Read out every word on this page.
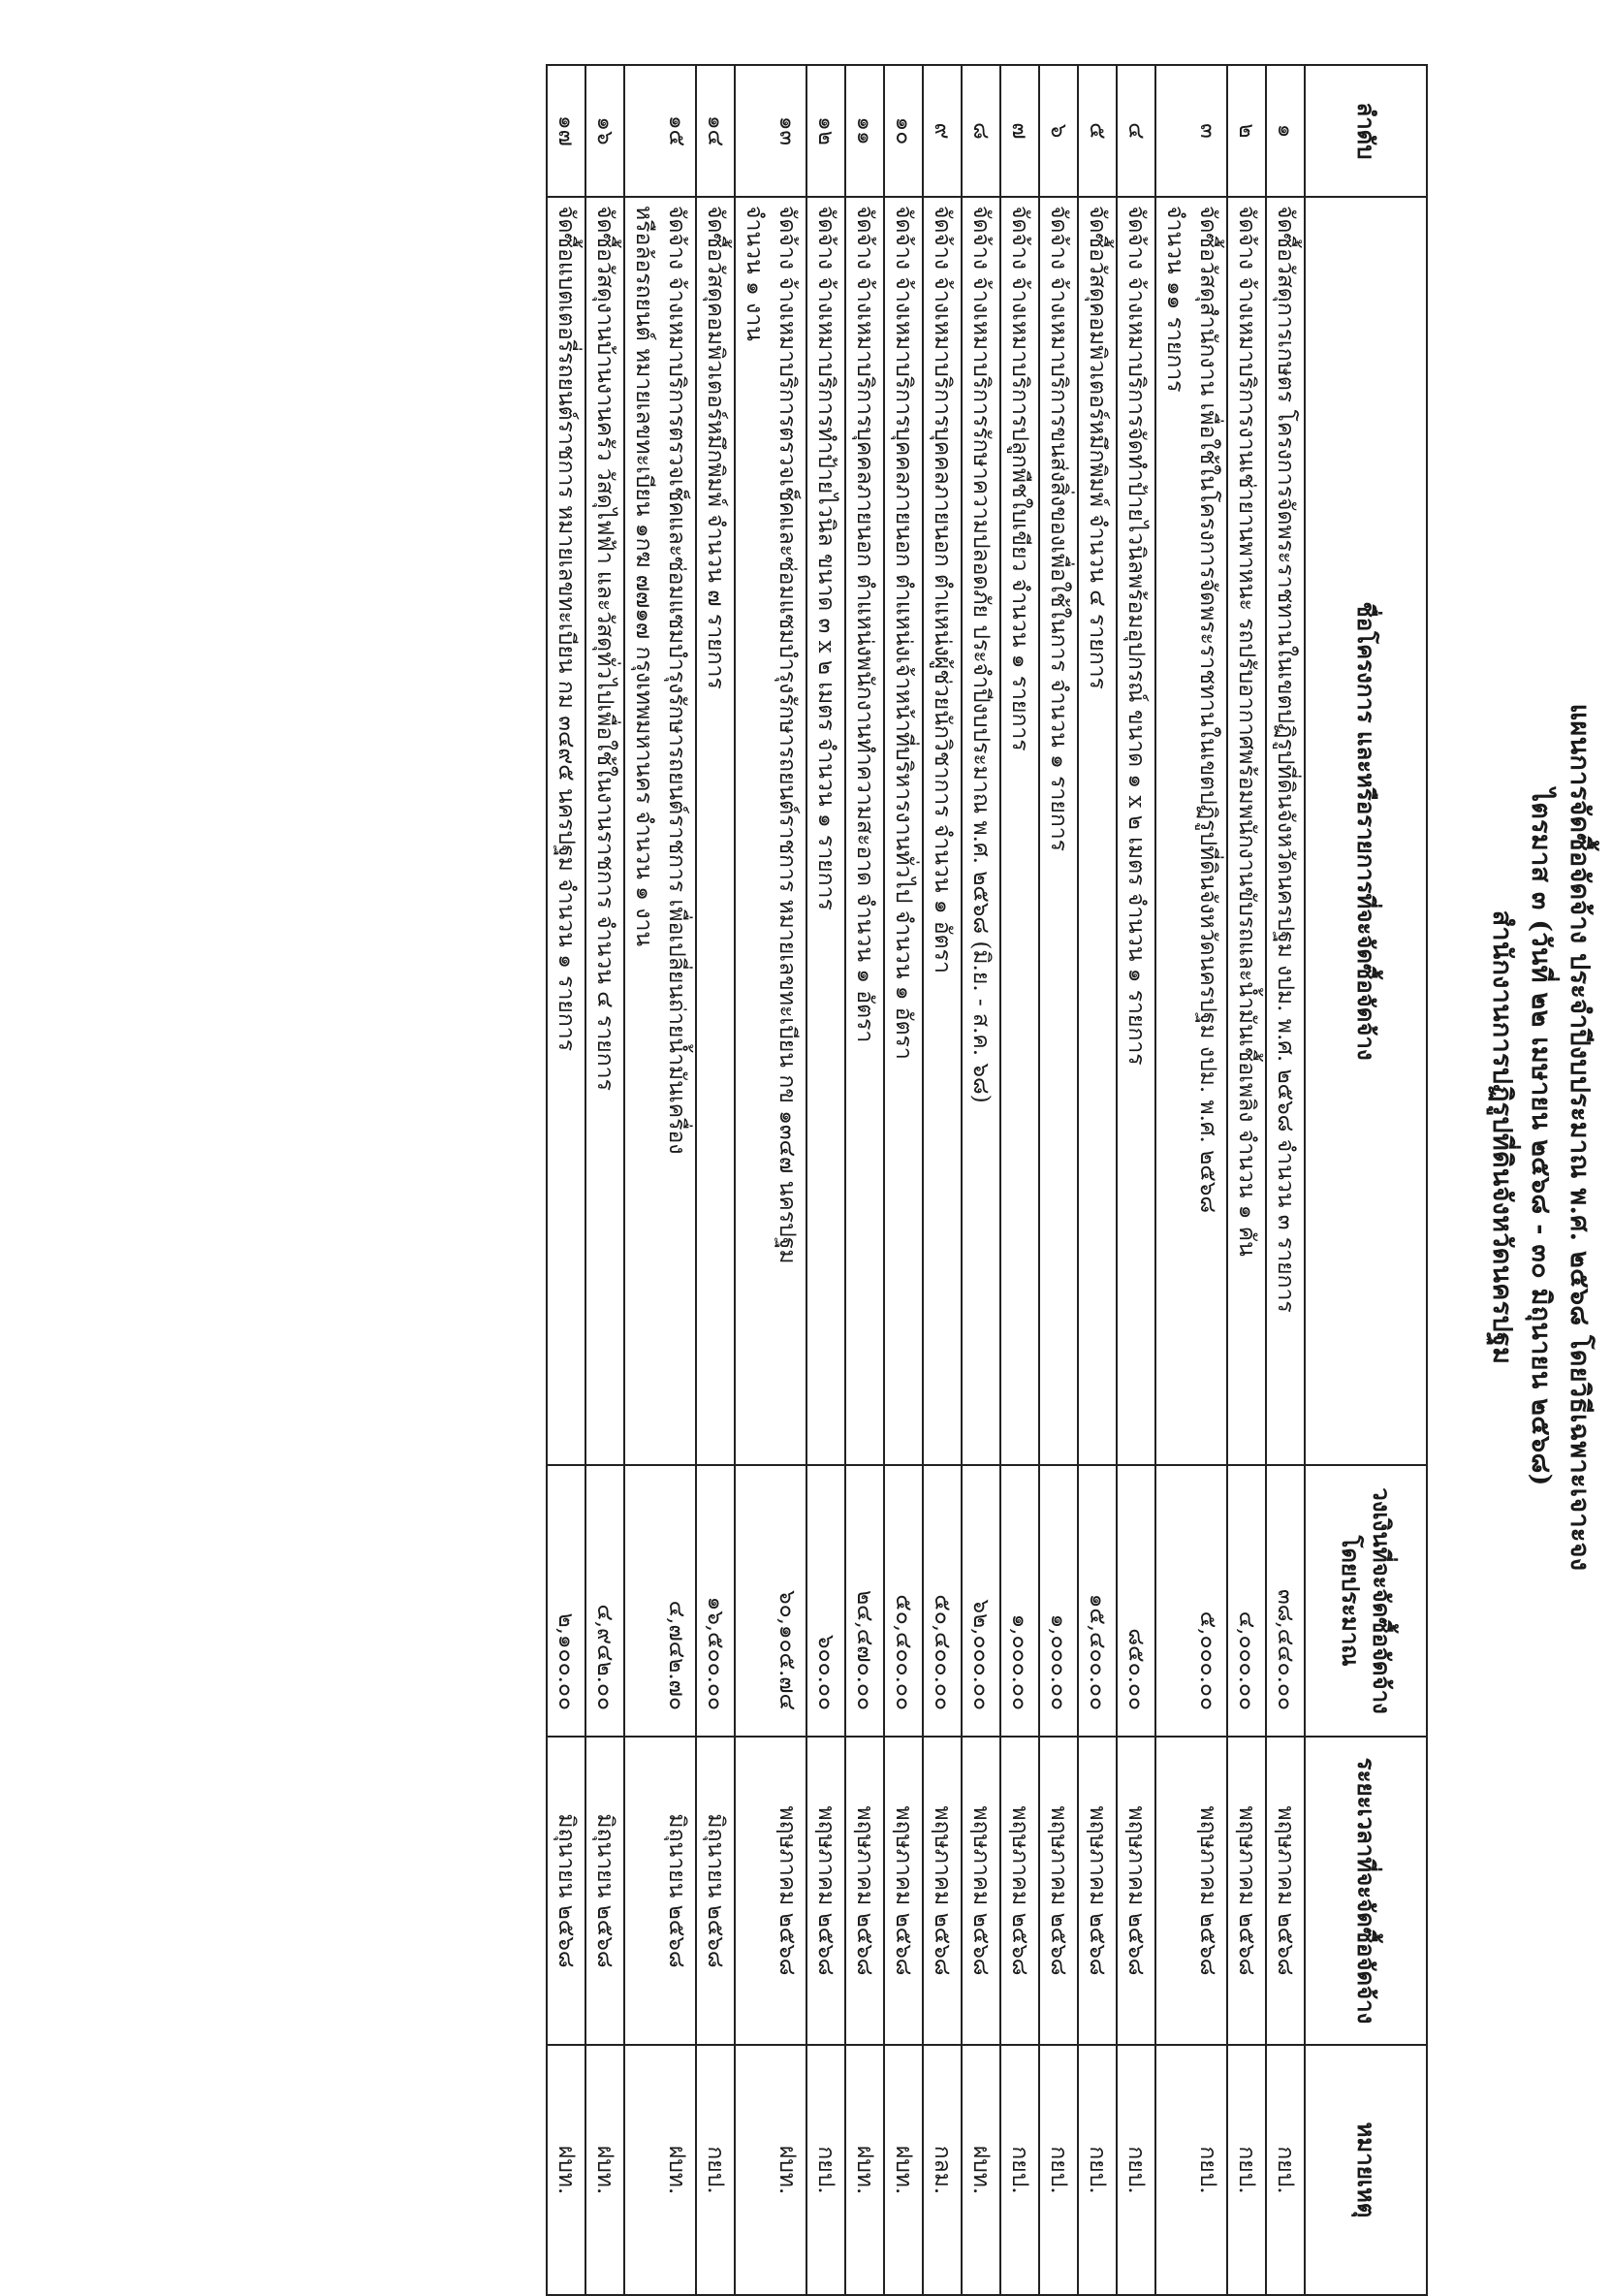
แผนการจัดซื้อจัดจ้าง ประจำปีงบประมาณ พ.ศ. ๒๕๖๘ โดยวิธีเฉพาะเจาะจง
ไตรมาส ๓ (วันที่ ๒๒ เมษายน ๒๕๖๘ - ๓๐ มิถุนายน ๒๕๖๘)
สำนักงานการปฏิรูปที่ดินจังหวัดนครปฐม
ลำดับ	ชื่อโครงการ และหรือรายการที่จะจัดซื้อจัดจ้าง	วงเงินที่จะจัดซื้อจัดจ้างโดยประมาณ	ระยะเวลาที่จะจัดซื้อจัดจ้าง	หมายเหตุ
๑	จัดซื้อวัสดุการเกษตร โครงการจัดพระราชทานในเขตปฏิรูปที่ดินจังหวัดนครปฐม งปม. พ.ศ. ๒๕๖๘ จำนวน ๓ รายการ	๓๘,๔๔๐.๐๐	พฤษภาคม ๒๕๖๘	กยป.
๒	จัดจ้าง จ้างเหมาบริการงานเช่ายานพาหนะ รถปรับอากาศพร้อมพนักงานขับรถและน้ำมันเชื้อเพลิง จำนวน ๑ คัน	๔,๐๐๐.๐๐	พฤษภาคม ๒๕๖๘	กยป.
๓	จัดซื้อวัสดุสำนักงาน เพื่อใช้ในโครงการจัดพระราชทานในเขตปฏิรูปที่ดินจังหวัดนครปฐม งปม. พ.ศ. ๒๕๖๘
จำนวน ๑๑ รายการ	๕,๐๐๐.๐๐	พฤษภาคม ๒๕๖๘	กยป.
๔	จัดจ้าง จ้างเหมาบริการจัดทำป้ายไวนิลพร้อมอุปกรณ์ ขนาด ๑ x ๒ เมตร จำนวน ๑ รายการ	๘๕๐.๐๐	พฤษภาคม ๒๕๖๘	กยป.
๕	จัดซื้อวัสดุคอมพิวเตอร์หมึกพิมพ์ จำนวน ๔ รายการ	๑๕,๔๐๐.๐๐	พฤษภาคม ๒๕๖๘	กยป.
๖	จัดจ้าง จ้างเหมาบริการขนส่งสิ่งของเพื่อใช้ในการ จำนวน ๑ รายการ	๑,๐๐๐.๐๐	พฤษภาคม ๒๕๖๘	กยป.
๗	จัดจ้าง จ้างเหมาบริการปลูกพืชใบเขียว จำนวน ๑ รายการ	๑,๐๐๐.๐๐	พฤษภาคม ๒๕๖๘	กยป.
๘	จัดจ้าง จ้างเหมาบริการรักษาความปลอดภัย ประจำปีงบประมาณ พ.ศ. ๒๕๖๘ (มิ.ย. - ส.ค. ๖๘)	๖๒,๐๐๐.๐๐	พฤษภาคม ๒๕๖๘	ฝบท.
๙	จัดจ้าง จ้างเหมาบริการบุคคลภายนอก ตำแหน่งผู้ช่วยนักวิชาการ จำนวน ๑ อัตรา	๕๐,๔๐๐.๐๐	พฤษภาคม ๒๕๖๘	กลม.
๑๐	จัดจ้าง จ้างเหมาบริการบุคคลภายนอก ตำแหน่งเจ้าหน้าที่บริหารงานทั่วไป จำนวน ๑ อัตรา	๕๐,๔๐๐.๐๐	พฤษภาคม ๒๕๖๘	ฝบท.
๑๑	จัดจ้าง จ้างเหมาบริการบุคคลภายนอก ตำแหน่งพนักงานทำความสะอาด จำนวน ๑ อัตรา	๒๔,๔๗๐.๐๐	พฤษภาคม ๒๕๖๘	ฝบท.
๑๒	จัดจ้าง จ้างเหมาบริการทำป้ายไวนิล ขนาด ๓ x ๒ เมตร จำนวน ๑ รายการ	๖๐๐.๐๐	พฤษภาคม ๒๕๖๘	กยป.
๑๓	จัดจ้าง จ้างเหมาบริการตรวจเช็คและซ่อมแซมบำรุงรักษารถยนต์ราชการ หมายเลขทะเบียน กข ๑๓๔๗ นครปฐม
จำนวน ๑ งาน	๖๐,๑๐๕.๗๔	พฤษภาคม ๒๕๖๘	ฝบท.
๑๔	จัดซื้อวัสดุคอมพิวเตอร์หมึกพิมพ์ จำนวน ๗ รายการ	๑๖,๕๐๐.๐๐	มิถุนายน ๒๕๖๘	กยป.
๑๕	จัดจ้าง จ้างเหมาบริการตรวจเช็คและซ่อมแซมบำรุงรักษารถยนต์ราชการ เพื่อเปลี่ยนถ่ายน้ำมันเครื่อง
หรือล้อรถยนต์ หมายเลขทะเบียน ๑กฆ ๗๗๑๗ กรุงเทพมหานคร จำนวน ๑ งาน	๔,๗๔๒.๗๐	มิถุนายน ๒๕๖๘	ฝบท.
๑๖	จัดซื้อวัสดุงานบ้านงานครัว วัสดุไฟฟ้า และวัสดุทั่วไปเพื่อใช้ในงานราชการ จำนวน ๔ รายการ	๔,๙๔๒.๐๐	มิถุนายน ๒๕๖๘	ฝบท.
๑๗	จัดซื้อแบตเตอรี่รถยนต์ราชการ หมายเลขทะเบียน กม ๓๔๙๕ นครปฐม จำนวน ๑ รายการ	๒,๑๐๐.๐๐	มิถุนายน ๒๕๖๘	ฝบท.
